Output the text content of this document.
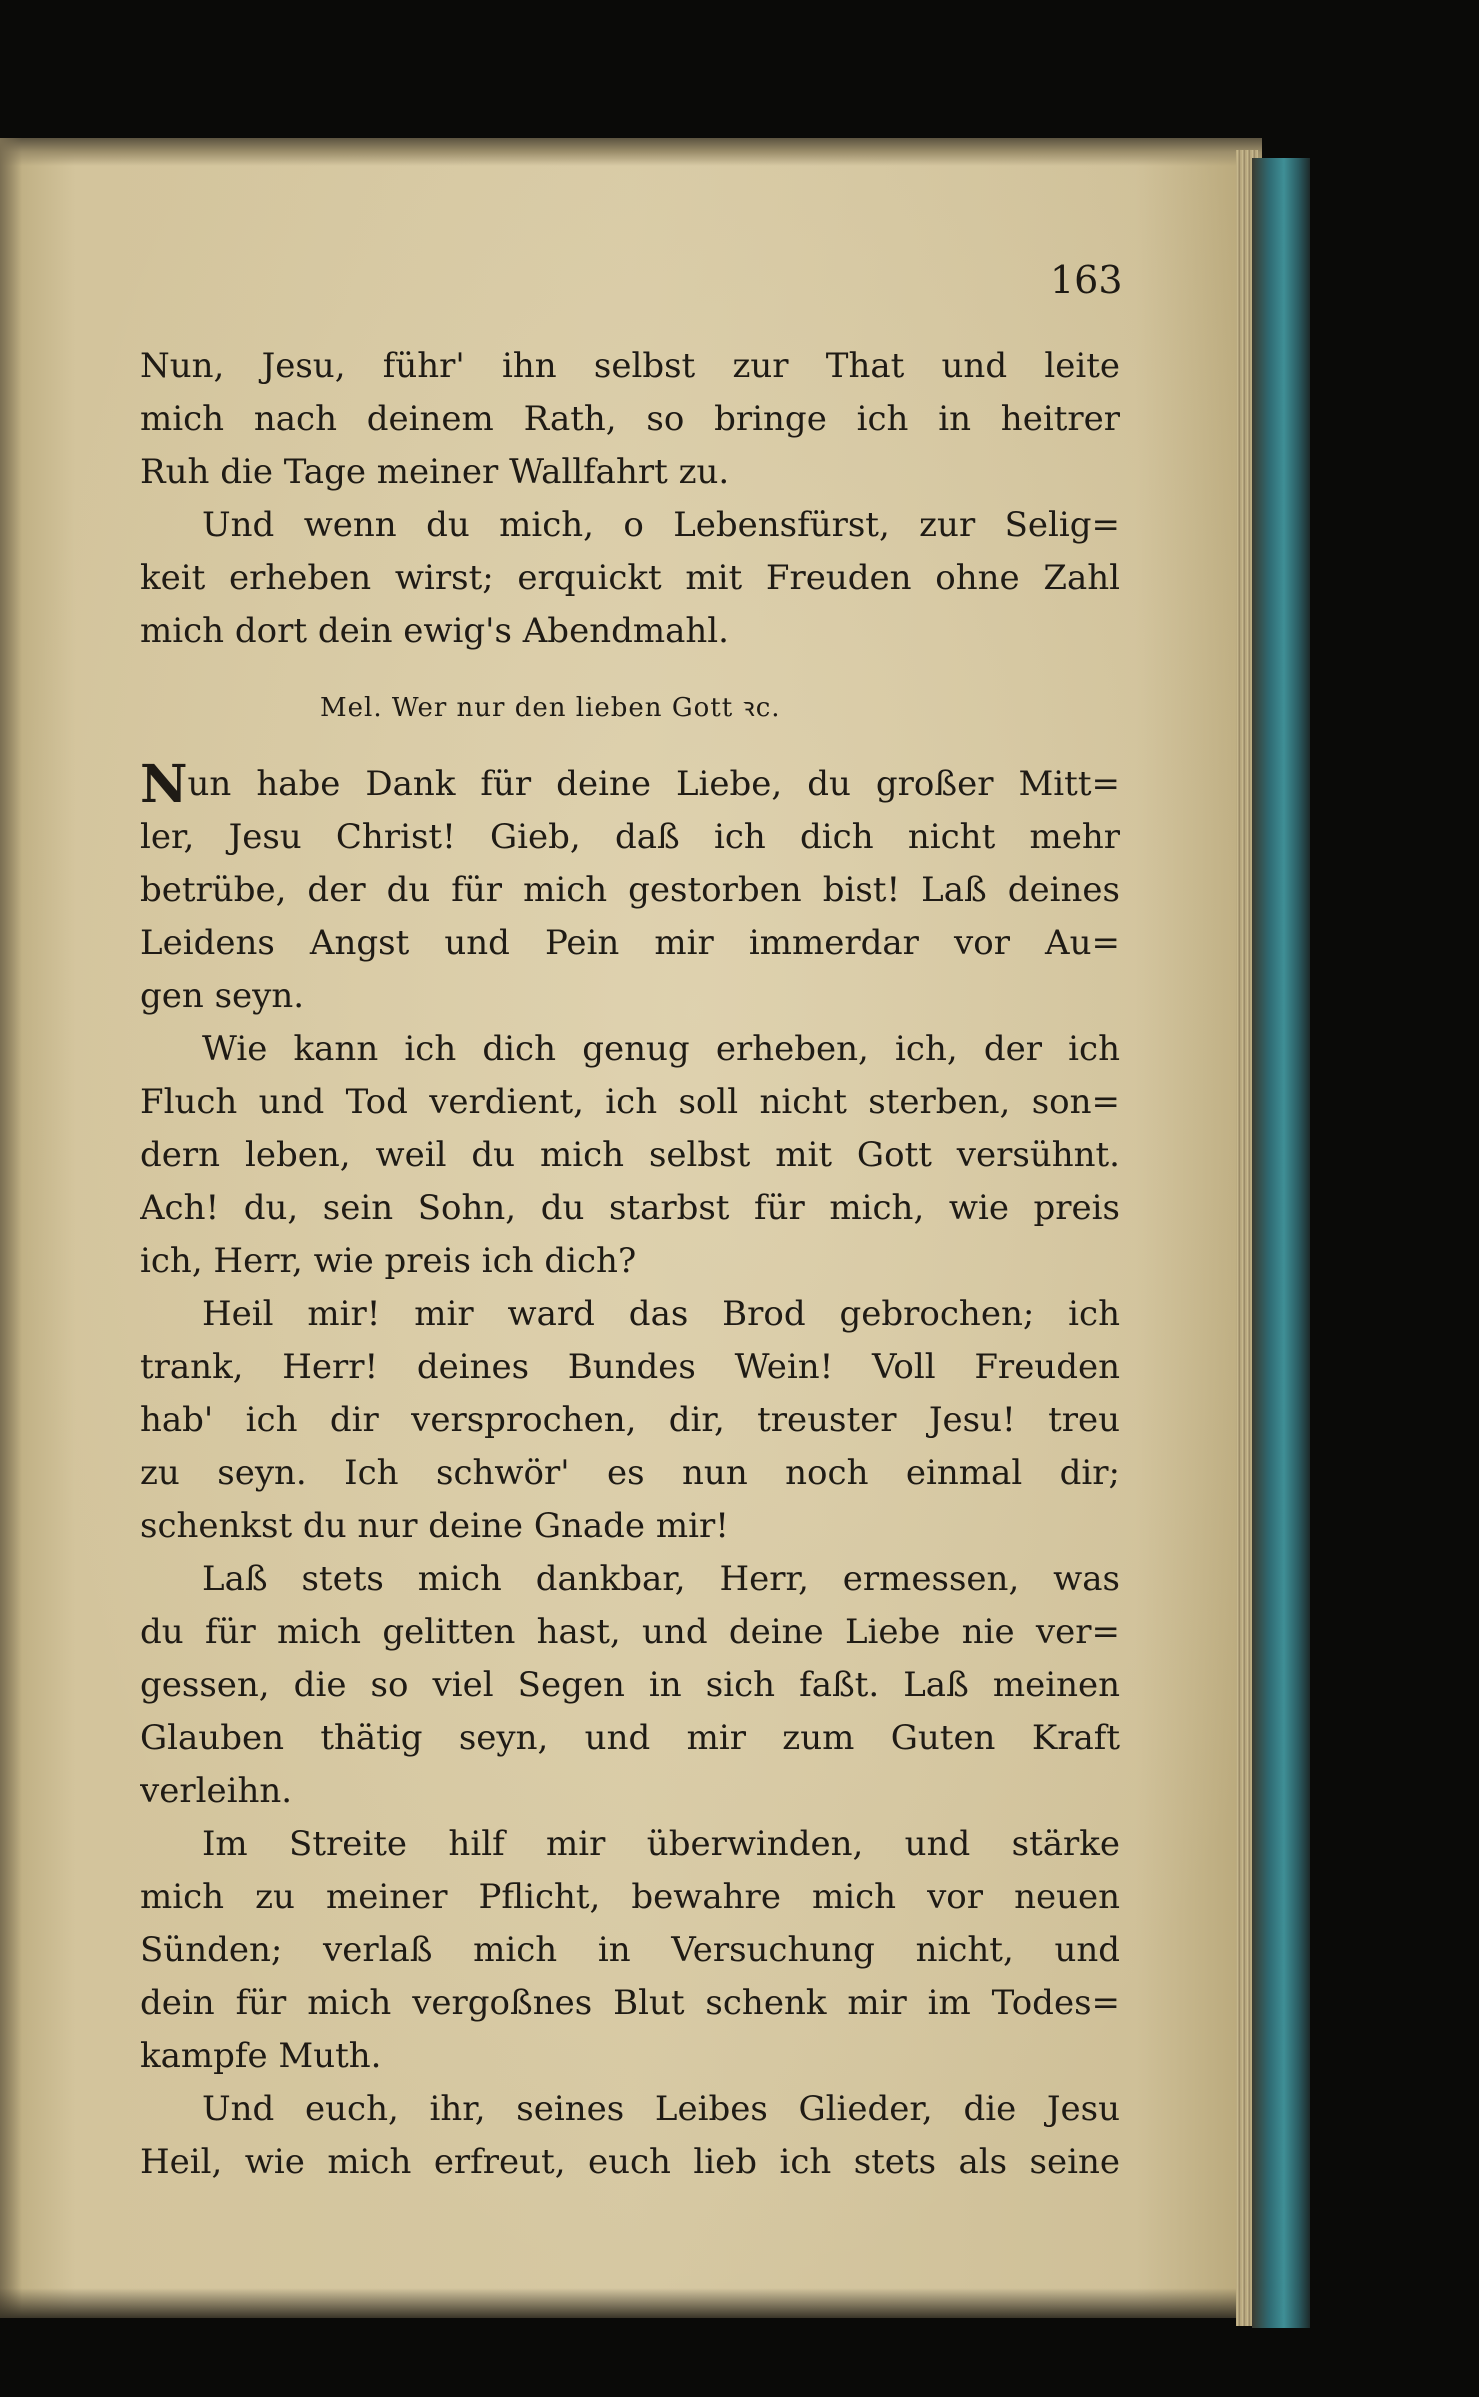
163
Nun, Jesu, führ' ihn selbst zur That und leite
mich nach deinem Rath, so bringe ich in heitrer
Ruh die Tage meiner Wallfahrt zu.
Und wenn du mich, o Lebensfürst, zur Selig=
keit erheben wirst; erquickt mit Freuden ohne Zahl
mich dort dein ewig's Abendmahl.
Mel. Wer nur den lieben Gott ꝛc.
N un habe Dank für deine Liebe, du großer Mitt=
ler, Jesu Christ! Gieb, daß ich dich nicht mehr
betrübe, der du für mich gestorben bist! Laß deines
Leidens Angst und Pein mir immerdar vor Au=
gen seyn.
Wie kann ich dich genug erheben, ich, der ich
Fluch und Tod verdient, ich soll nicht sterben, son=
dern leben, weil du mich selbst mit Gott versühnt.
Ach! du, sein Sohn, du starbst für mich, wie preis
ich, Herr, wie preis ich dich?
Heil mir! mir ward das Brod gebrochen; ich
trank, Herr! deines Bundes Wein! Voll Freuden
hab' ich dir versprochen, dir, treuster Jesu! treu
zu seyn. Ich schwör' es nun noch einmal dir;
schenkst du nur deine Gnade mir!
Laß stets mich dankbar, Herr, ermessen, was
du für mich gelitten hast, und deine Liebe nie ver=
gessen, die so viel Segen in sich faßt. Laß meinen
Glauben thätig seyn, und mir zum Guten Kraft
verleihn.
Im Streite hilf mir überwinden, und stärke
mich zu meiner Pflicht, bewahre mich vor neuen
Sünden; verlaß mich in Versuchung nicht, und
dein für mich vergoßnes Blut schenk mir im Todes=
kampfe Muth.
Und euch, ihr, seines Leibes Glieder, die Jesu
Heil, wie mich erfreut, euch lieb ich stets als seine
